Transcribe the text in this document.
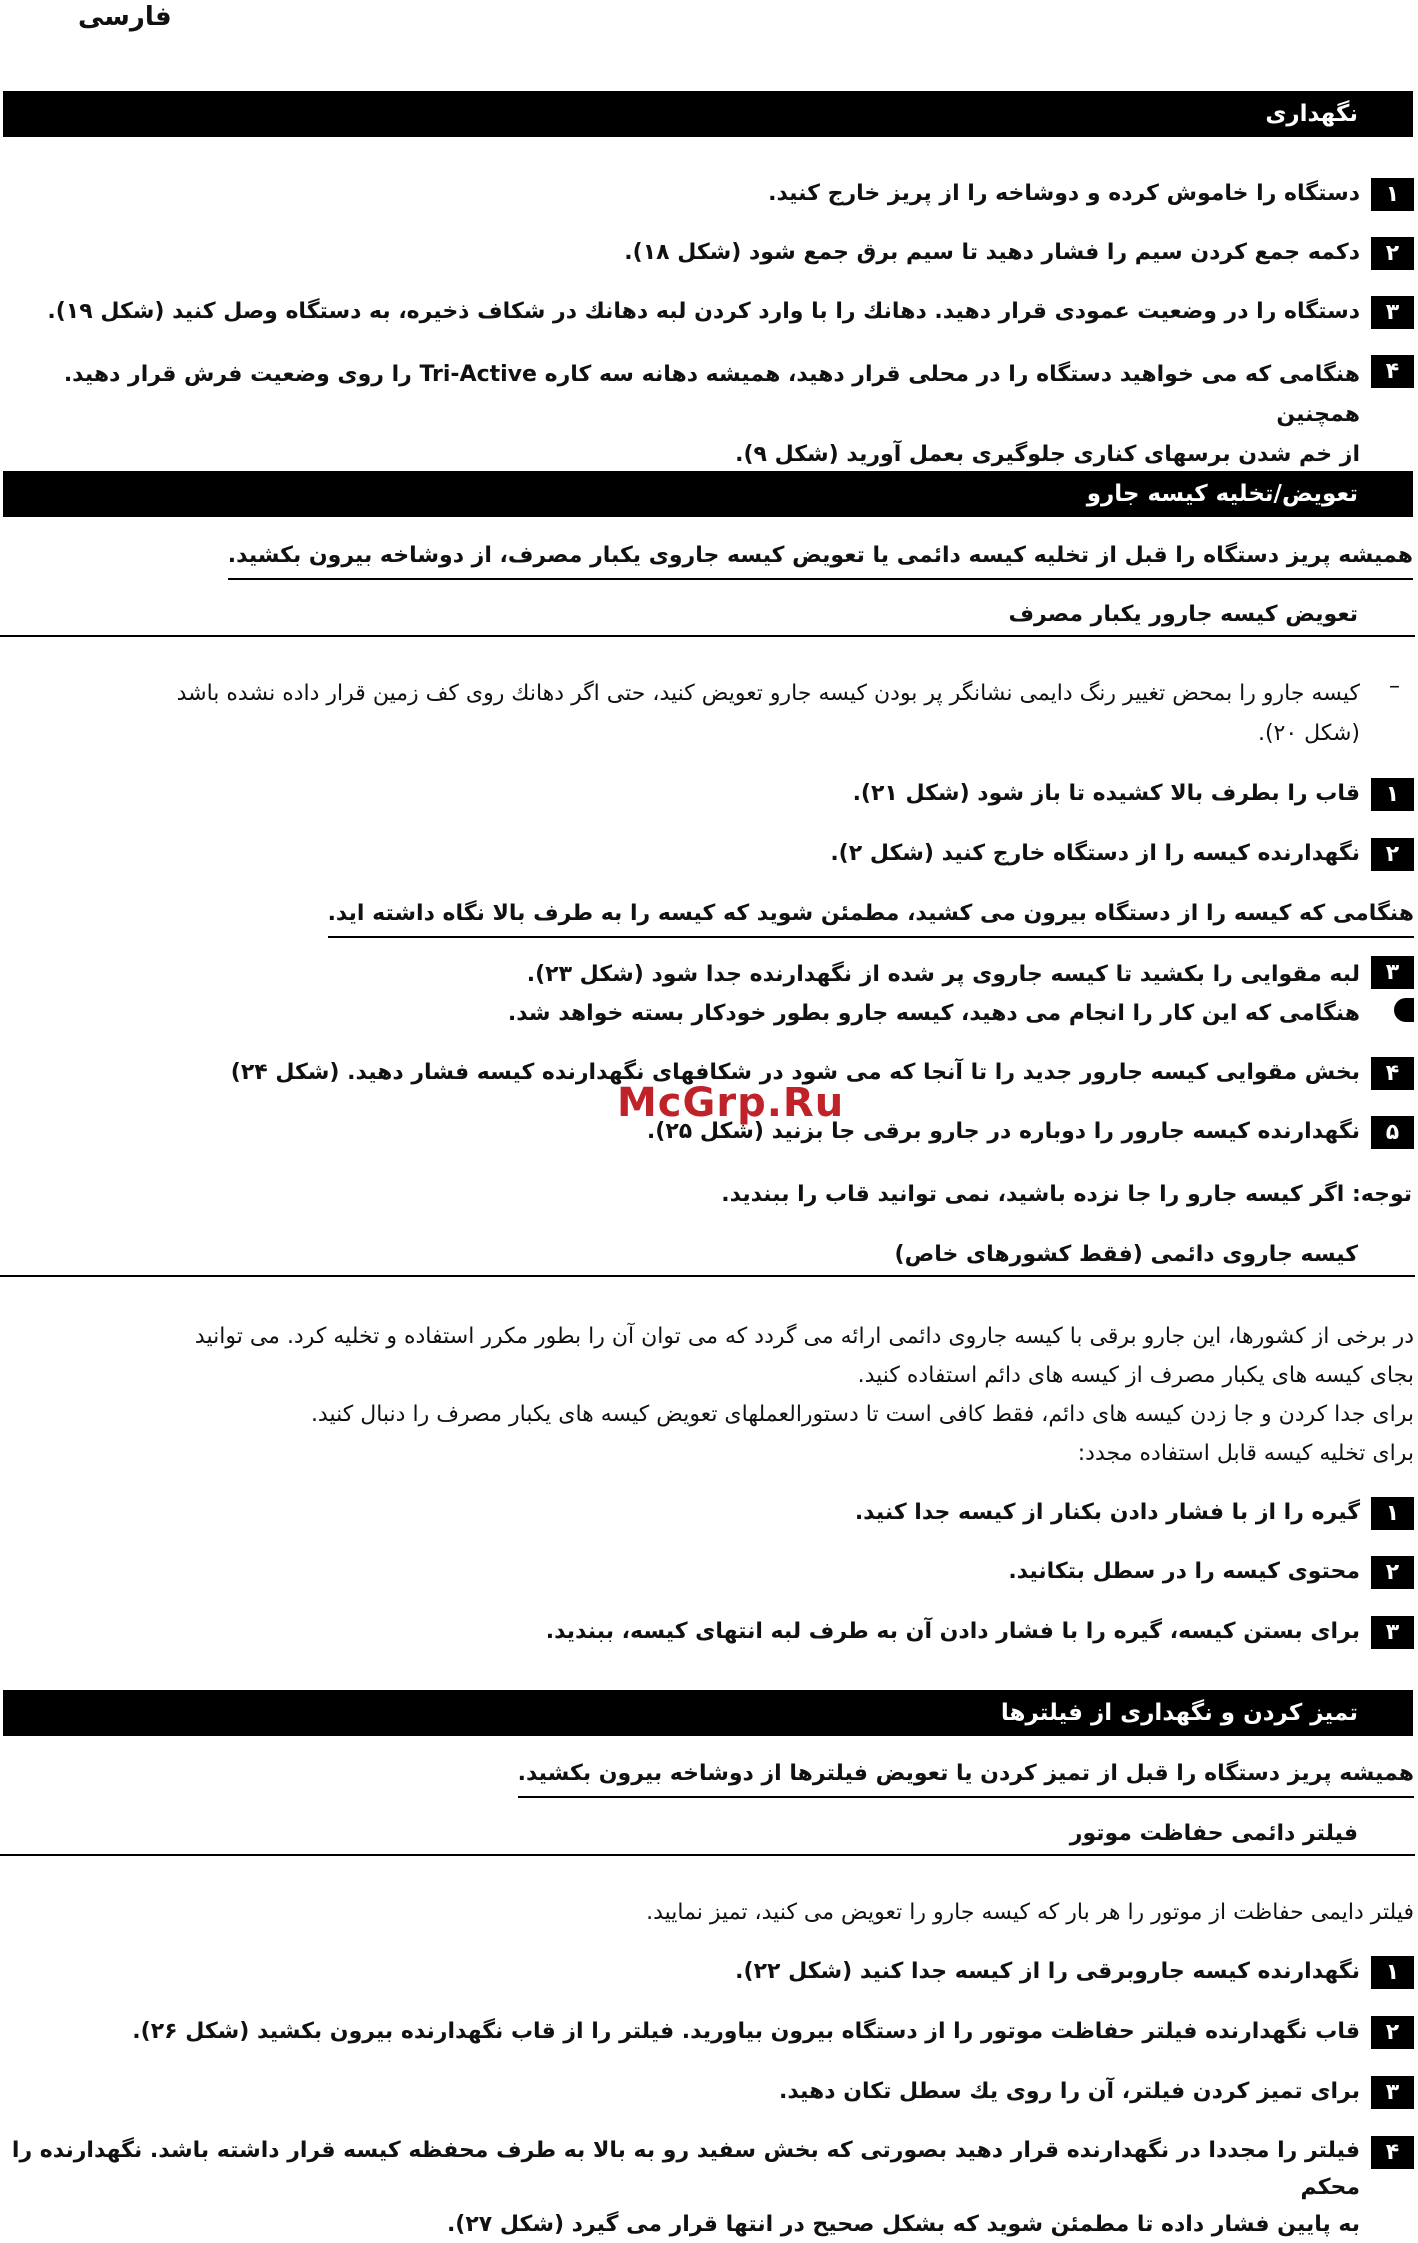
فارسی
نگهداری
۱
دستگاه را خاموش کرده و دوشاخه را از پریز خارج کنید.
۲
دکمه جمع کردن سیم را فشار دهید تا سیم برق جمع شود (شکل ۱۸).
۳
دستگاه را در وضعیت عمودی قرار دهید. دهانك را با وارد کردن لبه دهانك در شکاف ذخیره، به دستگاه وصل کنید (شکل ۱۹).
۴
هنگامی که می خواهید دستگاه را در محلی قرار دهید، همیشه دهانه سه کاره Tri-Active را روی وضعیت فرش قرار دهید. همچنین
از خم شدن برسهای کناری جلوگیری بعمل آورید (شکل ۹).
تعویض/تخلیه کیسه جارو
همیشه پریز دستگاه را قبل از تخلیه کیسه دائمی یا تعویض کیسه جاروی یکبار مصرف، از دوشاخه بیرون بکشید.
تعویض کیسه جارور یکبار مصرف
–
کیسه جارو را بمحض تغییر رنگ دایمی نشانگر پر بودن کیسه جارو تعویض کنید، حتی اگر دهانك روی کف زمین قرار داده نشده باشد
(شکل ۲۰).
۱
قاب را بطرف بالا کشیده تا باز شود (شکل ۲۱).
۲
نگهدارنده کیسه را از دستگاه خارج کنید (شکل ۲).
هنگامی که کیسه را از دستگاه بیرون می کشید، مطمئن شوید که کیسه را به طرف بالا نگاه داشته اید.
۳
لبه مقوایی را بکشید تا کیسه جاروی پر شده از نگهدارنده جدا شود (شکل ۲۳).
هنگامی که این کار را انجام می دهید، کیسه جارو بطور خودکار بسته خواهد شد.
۴
بخش مقوایی کیسه جارور جدید را تا آنجا که می شود در شکافهای نگهدارنده کیسه فشار دهید. (شکل ۲۴)
۵
نگهدارنده کیسه جارور را دوباره در جارو برقی جا بزنید (شکل ۲۵).
توجه: اگر کیسه جارو را جا نزده باشید، نمی توانید قاب را ببندید.
کیسه جاروی دائمی (فقط کشورهای خاص)
در برخی از کشورها، این جارو برقی با کیسه جاروی دائمی ارائه می گردد که می توان آن را بطور مکرر استفاده و تخلیه کرد. می توانید
بجای کیسه های یکبار مصرف از کیسه های دائم استفاده کنید.
برای جدا کردن و جا زدن کیسه های دائم، فقط کافی است تا دستورالعملهای تعویض کیسه های یکبار مصرف را دنبال کنید.
برای تخلیه کیسه قابل استفاده مجدد:
۱
گیره را از با فشار دادن بکنار از کیسه جدا کنید.
۲
محتوی کیسه را در سطل بتکانید.
۳
برای بستن کیسه، گیره را با فشار دادن آن به طرف لبه انتهای کیسه، ببندید.
تمیز کردن و نگهداری از فیلترها
همیشه پریز دستگاه را قبل از تمیز کردن یا تعویض فیلترها از دوشاخه بیرون بکشید.
فیلتر دائمی حفاظت موتور
فیلتر دایمی حفاظت از موتور را هر بار که کیسه جارو را تعویض می کنید، تمیز نمایید.
۱
نگهدارنده کیسه جاروبرقی را از کیسه جدا کنید (شکل ۲۲).
۲
قاب نگهدارنده فیلتر حفاظت موتور را از دستگاه بیرون بیاورید. فیلتر را از قاب نگهدارنده بیرون بکشید (شکل ۲۶).
۳
برای تمیز کردن فیلتر، آن را روی یك سطل تکان دهید.
۴
فیلتر را مجددا در نگهدارنده قرار دهید بصورتی که بخش سفید رو به بالا به طرف محفظه کیسه قرار داشته باشد. نگهدارنده را محکم
به پایین فشار داده تا مطمئن شوید که بشکل صحیح در انتها قرار می گیرد (شکل ۲۷).
McGrp.Ru
